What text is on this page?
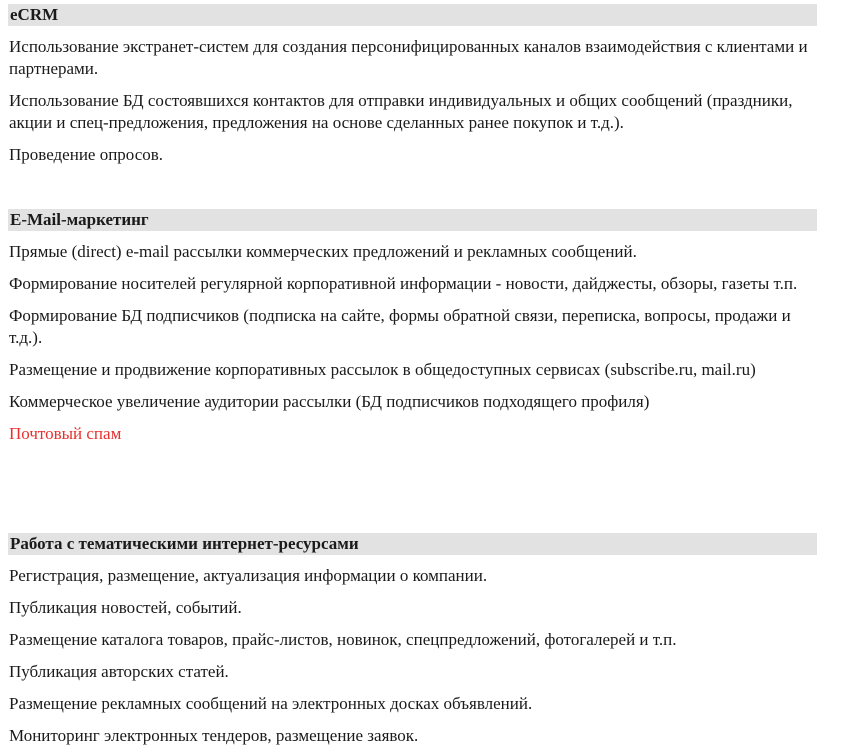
eCRM

Использование экстранет-систем для создания персонифицированных каналов взаимодействия с клиентами и партнерами.

Использование БД состоявшихся контактов для отправки индивидуальных и общих сообщений (праздники, акции и спец-предложения, предложения на основе сделанных ранее покупок и т.д.).

Проведение опросов.

E-Mail-маркетинг

Прямые (direct) e-mail рассылки коммерческих предложений и рекламных сообщений.

Формирование носителей регулярной корпоративной информации - новости, дайджесты, обзоры, газеты т.п.

Формирование БД подписчиков (подписка на сайте, формы обратной связи, переписка, вопросы, продажи и т.д.).

Размещение и продвижение корпоративных рассылок в общедоступных сервисах (subscribe.ru, mail.ru)

Коммерческое увеличение аудитории рассылки (БД подписчиков подходящего профиля)

Почтовый спам

Работа с тематическими интернет-ресурсами

Регистрация, размещение, актуализация информации о компании.

Публикация новостей, событий.

Размещение каталога товаров, прайс-листов, новинок, спецпредложений, фотогалерей и т.п.

Публикация авторских статей.

Размещение рекламных сообщений на электронных досках объявлений.

Мониторинг электронных тендеров, размещение заявок.
